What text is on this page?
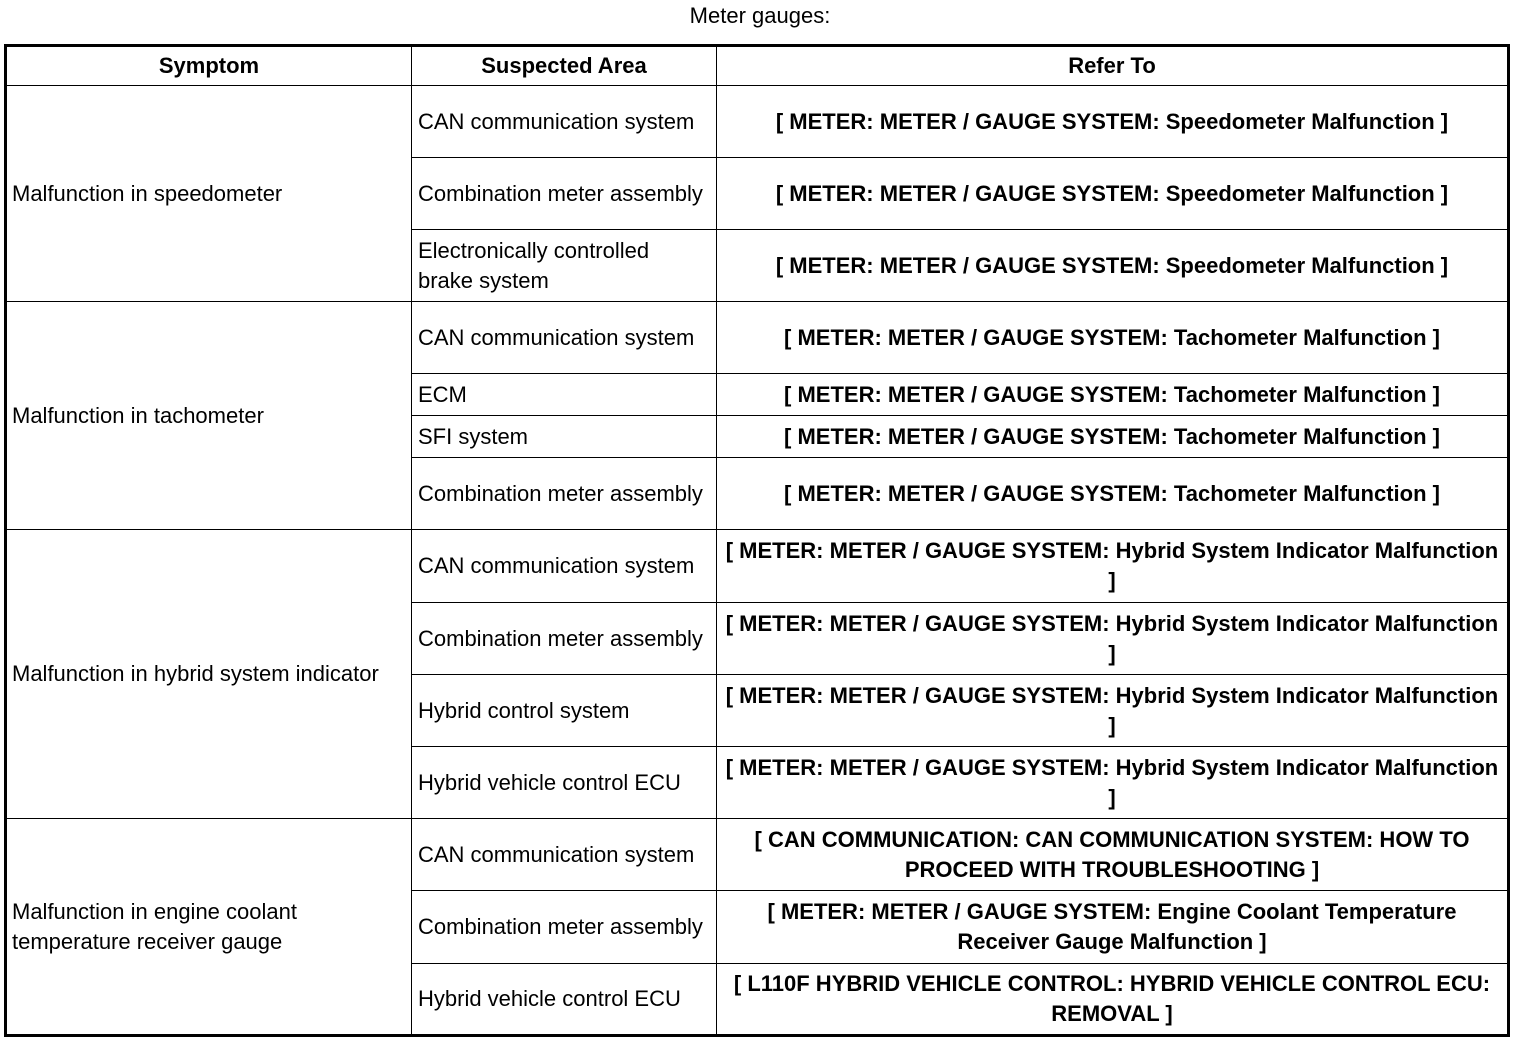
Meter gauges:
Symptom	Suspected Area	Refer To
Malfunction in speedometer	CAN communication system	[ METER: METER / GAUGE SYSTEM: Speedometer Malfunction ]
	Combination meter assembly	[ METER: METER / GAUGE SYSTEM: Speedometer Malfunction ]
	Electronically controlled brake system	[ METER: METER / GAUGE SYSTEM: Speedometer Malfunction ]
Malfunction in tachometer	CAN communication system	[ METER: METER / GAUGE SYSTEM: Tachometer Malfunction ]
	ECM	[ METER: METER / GAUGE SYSTEM: Tachometer Malfunction ]
	SFI system	[ METER: METER / GAUGE SYSTEM: Tachometer Malfunction ]
	Combination meter assembly	[ METER: METER / GAUGE SYSTEM: Tachometer Malfunction ]
Malfunction in hybrid system indicator	CAN communication system	[ METER: METER / GAUGE SYSTEM: Hybrid System Indicator Malfunction ]
	Combination meter assembly	[ METER: METER / GAUGE SYSTEM: Hybrid System Indicator Malfunction ]
	Hybrid control system	[ METER: METER / GAUGE SYSTEM: Hybrid System Indicator Malfunction ]
	Hybrid vehicle control ECU	[ METER: METER / GAUGE SYSTEM: Hybrid System Indicator Malfunction ]
Malfunction in engine coolant temperature receiver gauge	CAN communication system	[ CAN COMMUNICATION: CAN COMMUNICATION SYSTEM: HOW TO PROCEED WITH TROUBLESHOOTING ]
	Combination meter assembly	[ METER: METER / GAUGE SYSTEM: Engine Coolant Temperature Receiver Gauge Malfunction ]
	Hybrid vehicle control ECU	[ L110F HYBRID VEHICLE CONTROL: HYBRID VEHICLE CONTROL ECU: REMOVAL ]
